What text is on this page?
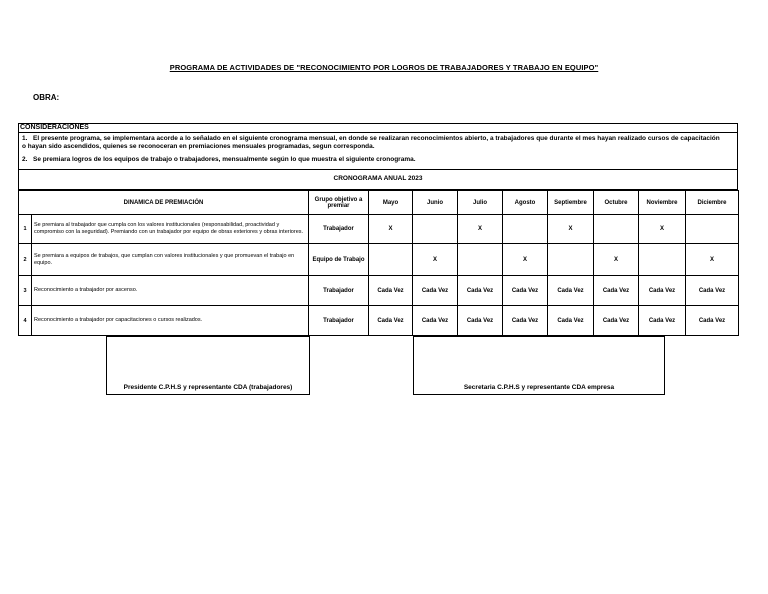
PROGRAMA DE ACTIVIDADES DE "RECONOCIMIENTO POR LOGROS DE TRABAJADORES Y TRABAJO EN EQUIPO"
OBRA:
CONSIDERACIONES
1. El presente programa, se implementara acorde a lo señalado en el siguiente cronograma mensual, en donde se realizaran reconocimientos abierto, a trabajadores que durante el mes hayan realizado cursos de capacitación o hayan sido ascendidos, quienes se reconoceran en premiaciones mensuales programadas, segun corresponda.
2. Se premiara logros de los equipos de trabajo o trabajadores, mensualmente según lo que muestra el siguiente cronograma.
CRONOGRAMA ANUAL 2023
DINAMICA DE PREMIACIÓN		Grupo objetivo a premiar	Mayo	Junio	Julio	Agosto	Septiembre	Octubre	Noviembre	Diciembre
1	Se premiara al trabajador que cumpla con los valores institucionales (responsabilidad, proactividad y compromiso con la seguridad). Premiando con un trabajador por equipo de obras exteriores y obras interiores.	Trabajador	X		X		X		X	
2	Se premiara a equipos de trabajos, que cumplan con valores institucionales y que promuevan el trabajo en equipo.	Equipo de Trabajo		X		X		X		X
3	Reconocimiento a trabajador por ascenso.	Trabajador	Cada Vez	Cada Vez	Cada Vez	Cada Vez	Cada Vez	Cada Vez	Cada Vez	Cada Vez
4	Reconocimiento a trabajador por capacitaciones o cursos realizados.	Trabajador	Cada Vez	Cada Vez	Cada Vez	Cada Vez	Cada Vez	Cada Vez	Cada Vez	Cada Vez
Presidente C.P.H.S y representante CDA (trabajadores)	Secretaria C.P.H.S y representante CDA empresa
